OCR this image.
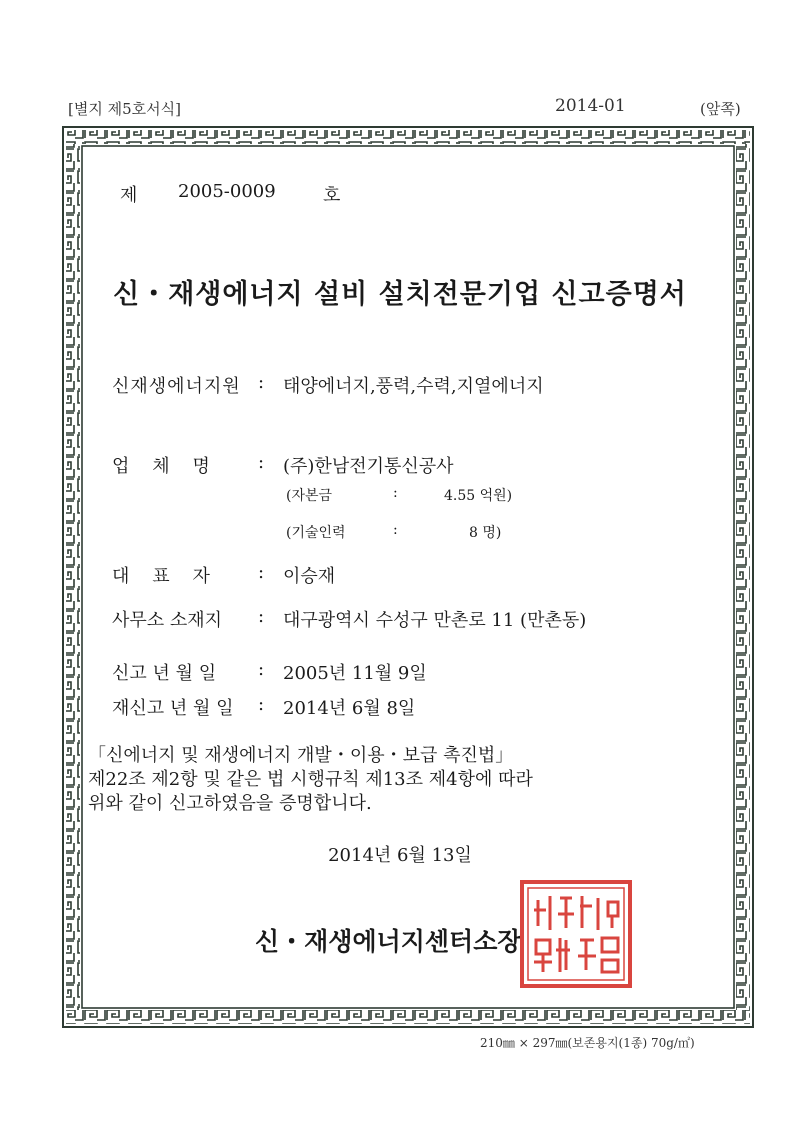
[별지 제5호서식]	2014-01	(앞쪽)
제 2005-0009	호
신・재생에너지 설비 설치전문기업 신고증명서
신재생에너지원 : 태양에너지,풍력,수력,지열에너지
업    체    명	: (주)한남전기통신공사
(자본금	:	4.55 억원)
(기술인력	:	8 명)
대    표    자	: 이승재
사무소 소재지 : 대구광역시 수성구 만촌로 11 (만촌동)
신고 년 월 일 : 2005년 11월 9일
재신고 년 월 일 : 2014년 6월 8일
「신에너지 및 재생에너지 개발・이용・보급 촉진법」
제22조 제2항 및 같은 법 시행규칙 제13조 제4항에 따라
위와 같이 신고하였음을 증명합니다.
2014년 6월 13일
신・재생에너지센터소장
210㎜ × 297㎜(보존용지(1종) 70g/㎡)
